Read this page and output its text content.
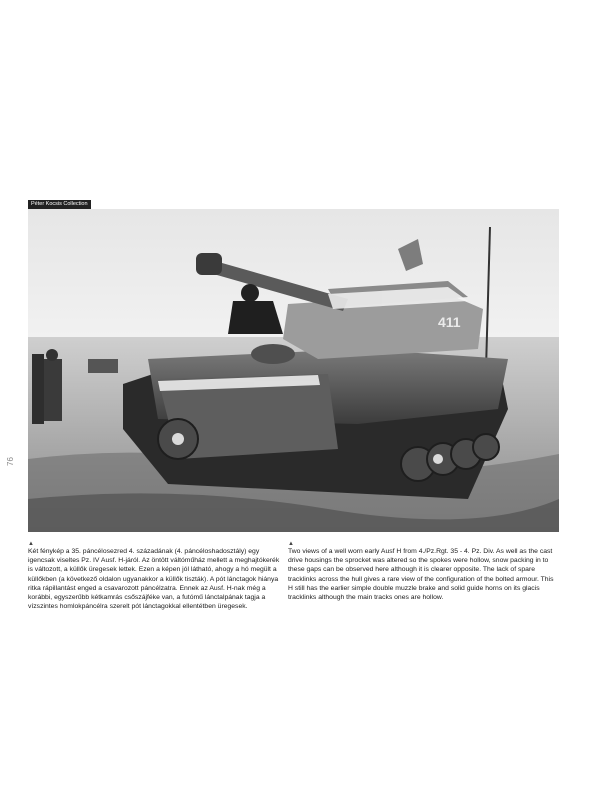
Péter Kocsis Collection
411
76
▲
Két fénykép a 35. páncélosezred 4. századának (4. páncéloshadosztály) egy igencsak viseltes Pz. IV Ausf. H-járól. Az öntött váltóműház mellett a meghajtókerék is változott, a küllők üregesek lettek. Ezen a képen jól látható, ahogy a hó megült a küllőkben (a következő oldalon ugyanakkor a küllők tiszták). A pót lánctagok hiánya ritka rápillantást enged a csavarozott páncélzatra. Ennek az Ausf. H-nak még a korábbi, egyszerűbb kétkamrás csőszájféke van, a futómű lánctalpának tagja a vízszintes homlokpáncélra szerelt pót lánctagokkal ellentétben üregesek.
▲
Two views of a well worn early Ausf H from 4./Pz.Rgt. 35 - 4. Pz. Div. As well as the cast drive housings the sprocket was altered so the spokes were hollow, snow packing in to these gaps can be observed here although it is clearer opposite. The lack of spare tracklinks across the hull gives a rare view of the configuration of the bolted armour. This H still has the earlier simple double muzzle brake and solid guide horns on its glacis tracklinks although the main tracks ones are hollow.
